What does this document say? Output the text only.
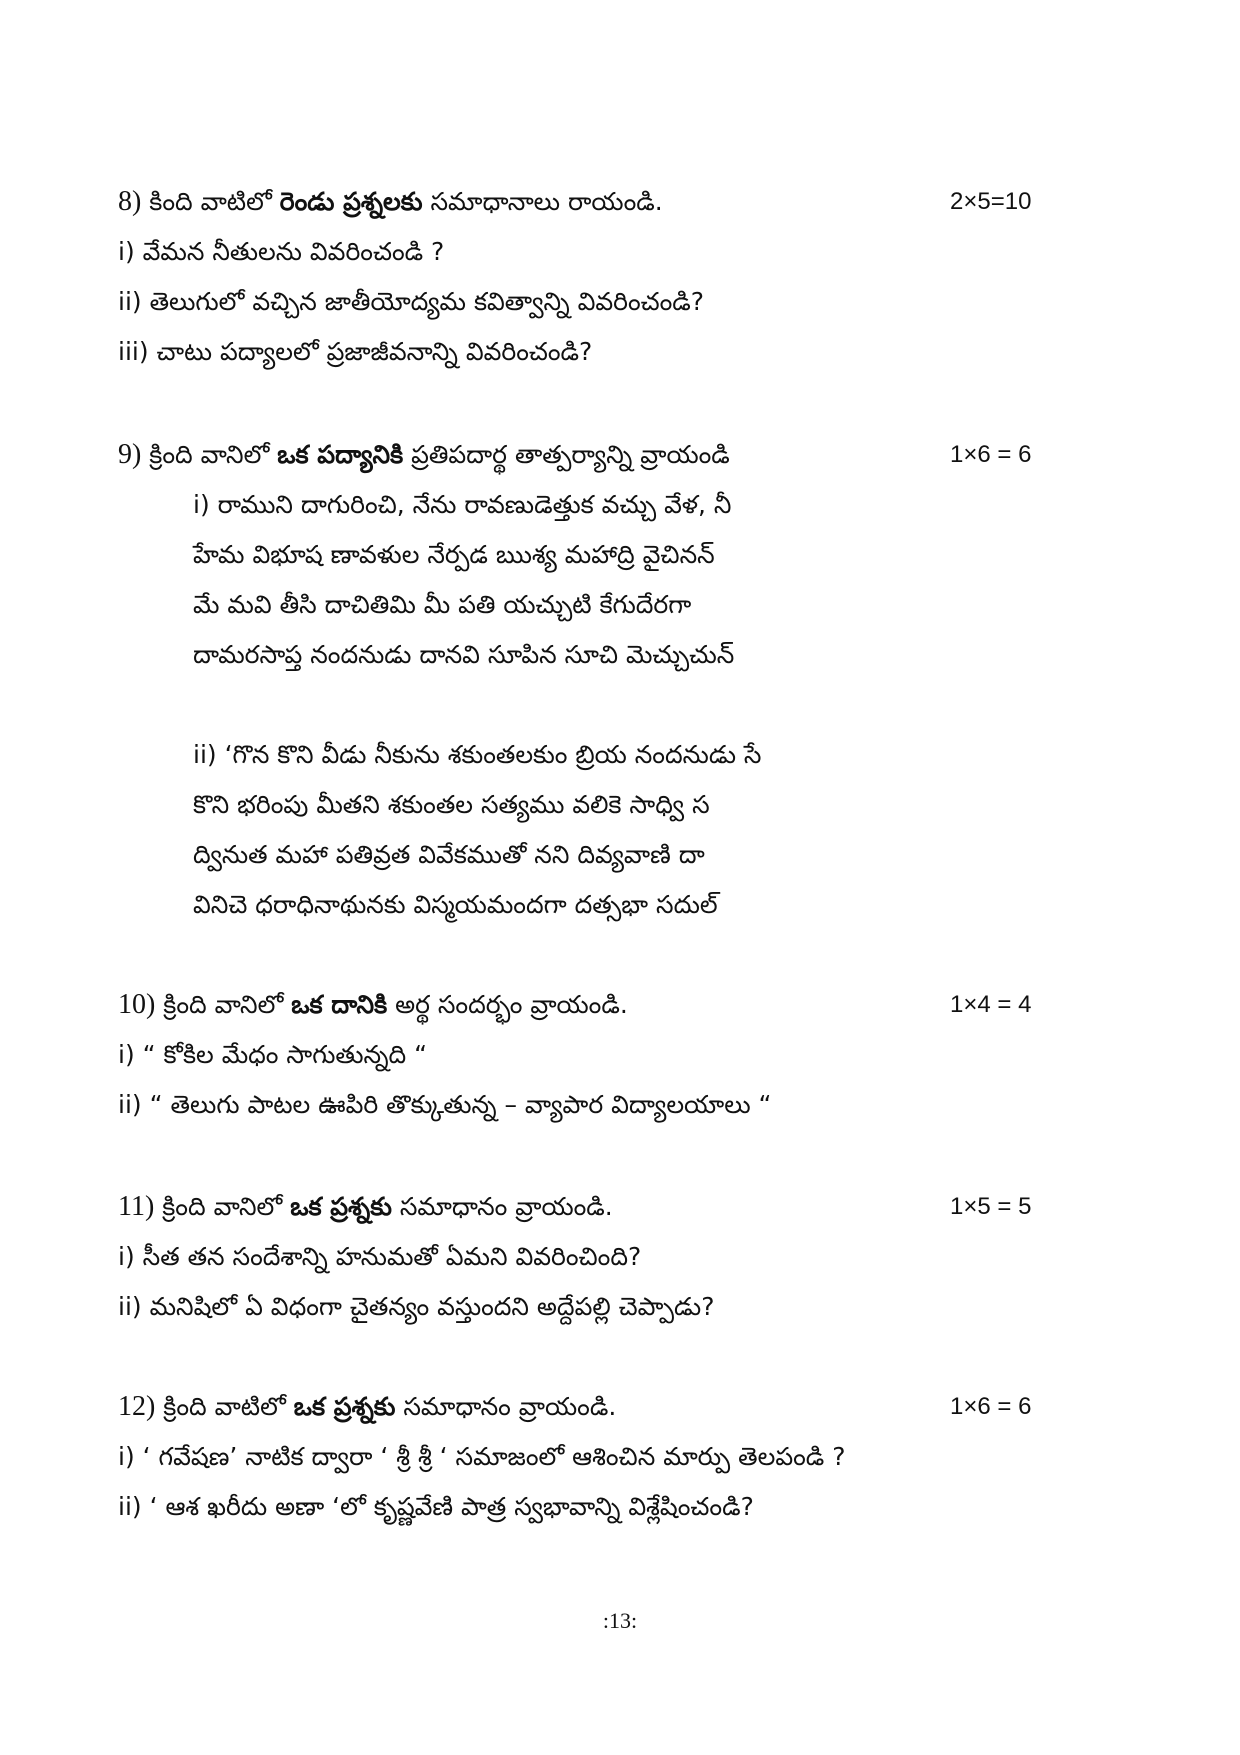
8) కింది వాటిలో రెండు ప్రశ్నలకు సమాధానాలు రాయండి.	2×5=10
i) వేమన నీతులను వివరించండి ?
ii) తెలుగులో వచ్చిన జాతీయోద్యమ కవిత్వాన్ని వివరించండి?
iii) చాటు పద్యాలలో ప్రజాజీవనాన్ని వివరించండి?
9) క్రింది వానిలో ఒక పద్యానికి ప్రతిపదార్థ తాత్పర్యాన్ని వ్రాయండి	1×6 = 6
i) రాముని దాగురించి, నేను రావణుడెత్తుక వచ్చు వేళ, నీ
హేమ విభూష ణావళుల నేర్పడ ఋశ్య మహాద్రి వైచినన్
మే మవి తీసి దాచితిమి మీ పతి యచ్చుటి కేగుదేరగా
దామరసాప్త నందనుడు దానవి సూపిన సూచి మెచ్చుచున్
ii) ‘గొన కొని వీడు నీకును శకుంతలకుం బ్రియ నందనుడు సే
కొని భరింపు మీతని శకుంతల సత్యము వలికె సాధ్వి స
ద్వినుత మహా పతివ్రత వివేకముతో నని దివ్యవాణి దా
వినిచె ధరాధినాథునకు విస్మయమందగా దత్సభా సదుల్
10) క్రింది వానిలో ఒక దానికి అర్థ సందర్భం వ్రాయండి.	1×4 = 4
i) “ కోకిల మేధం సాగుతున్నది “
ii) “ తెలుగు పాటల ఊపిరి తొక్కుతున్న – వ్యాపార విద్యాలయాలు “
11) క్రింది వానిలో ఒక ప్రశ్నకు సమాధానం వ్రాయండి.	1×5 = 5
i) సీత తన సందేశాన్ని హనుమతో ఏమని వివరించింది?
ii) మనిషిలో ఏ విధంగా చైతన్యం వస్తుందని అద్దేపల్లి చెప్పాడు?
12) క్రింది వాటిలో ఒక ప్రశ్నకు సమాధానం వ్రాయండి.	1×6 = 6
i) ‘ గవేషణ’ నాటిక ద్వారా ‘ శ్రీ శ్రీ ‘ సమాజంలో ఆశించిన మార్పు తెలపండి ?
ii) ‘ ఆశ ఖరీదు అణా ‘లో కృష్ణవేణి పాత్ర స్వభావాన్ని విశ్లేషించండి?
:13:
